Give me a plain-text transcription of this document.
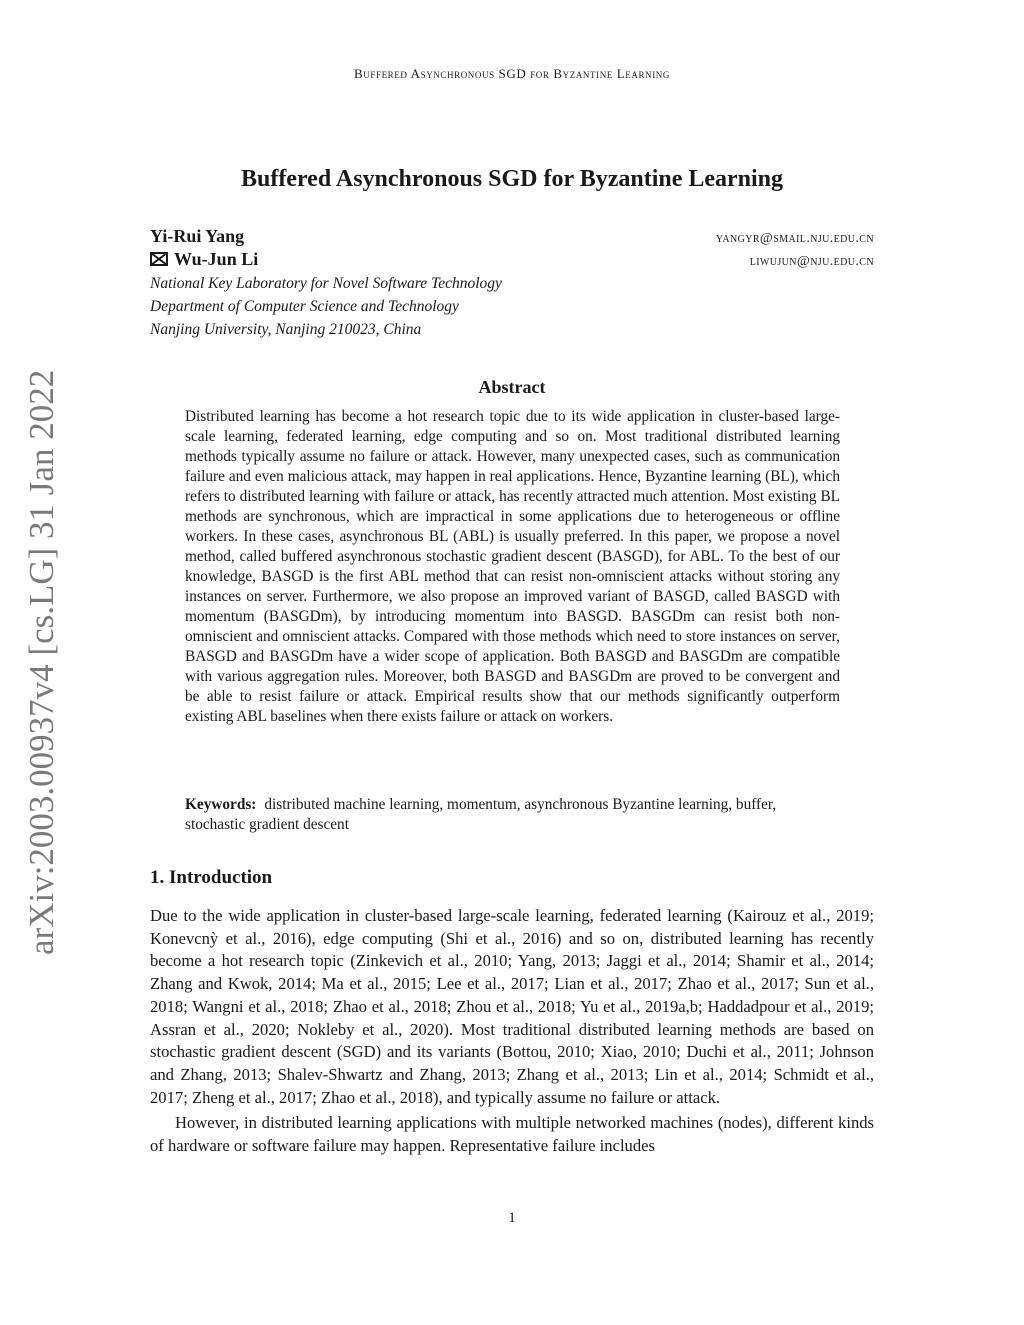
Buffered Asynchronous SGD for Byzantine Learning
arXiv:2003.00937v4 [cs.LG] 31 Jan 2022
Buffered Asynchronous SGD for Byzantine Learning
Yi-Rui Yang	yangyr@smail.nju.edu.cn
Wu-Jun Li	liwujun@nju.edu.cn
National Key Laboratory for Novel Software Technology
Department of Computer Science and Technology
Nanjing University, Nanjing 210023, China
Abstract
Distributed learning has become a hot research topic due to its wide application in cluster-based large-scale learning, federated learning, edge computing and so on. Most traditional distributed learning methods typically assume no failure or attack. However, many unexpected cases, such as communication failure and even malicious attack, may happen in real applications. Hence, Byzantine learning (BL), which refers to distributed learning with failure or attack, has recently attracted much attention. Most existing BL methods are synchronous, which are impractical in some applications due to heterogeneous or offline workers. In these cases, asynchronous BL (ABL) is usually preferred. In this paper, we propose a novel method, called buffered asynchronous stochastic gradient descent (BASGD), for ABL. To the best of our knowledge, BASGD is the first ABL method that can resist non-omniscient attacks without storing any instances on server. Furthermore, we also propose an improved variant of BASGD, called BASGD with momentum (BASGDm), by introducing momentum into BASGD. BASGDm can resist both non-omniscient and omniscient attacks. Compared with those methods which need to store instances on server, BASGD and BASGDm have a wider scope of application. Both BASGD and BASGDm are compatible with various aggregation rules. Moreover, both BASGD and BASGDm are proved to be convergent and be able to resist failure or attack. Empirical results show that our methods significantly outperform existing ABL baselines when there exists failure or attack on workers.
Keywords: distributed machine learning, momentum, asynchronous Byzantine learning, buffer, stochastic gradient descent
1. Introduction

Due to the wide application in cluster-based large-scale learning, federated learning (Kairouz et al., 2019; Konevcnỳ et al., 2016), edge computing (Shi et al., 2016) and so on, distributed learning has recently become a hot research topic (Zinkevich et al., 2010; Yang, 2013; Jaggi et al., 2014; Shamir et al., 2014; Zhang and Kwok, 2014; Ma et al., 2015; Lee et al., 2017; Lian et al., 2017; Zhao et al., 2017; Sun et al., 2018; Wangni et al., 2018; Zhao et al., 2018; Zhou et al., 2018; Yu et al., 2019a,b; Haddadpour et al., 2019; Assran et al., 2020; Nokleby et al., 2020). Most traditional distributed learning methods are based on stochastic gradient descent (SGD) and its variants (Bottou, 2010; Xiao, 2010; Duchi et al., 2011; Johnson and Zhang, 2013; Shalev-Shwartz and Zhang, 2013; Zhang et al., 2013; Lin et al., 2014; Schmidt et al., 2017; Zheng et al., 2017; Zhao et al., 2018), and typically assume no failure or attack.

However, in distributed learning applications with multiple networked machines (nodes), different kinds of hardware or software failure may happen. Representative failure includes

1
